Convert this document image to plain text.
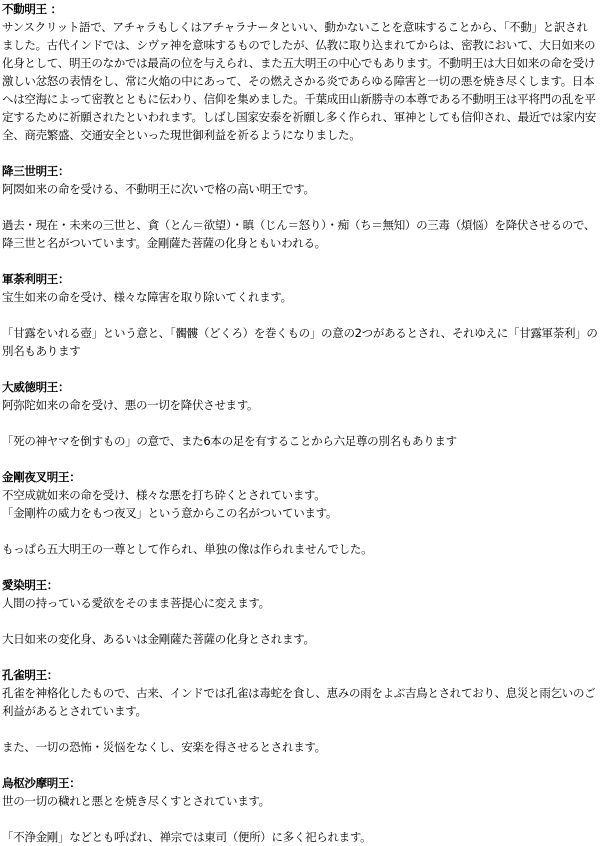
不動明王 ：

サンスクリット語で、アチャラもしくはアチャラナータといい、動かないことを意味することから、「不動」と訳されました。古代インドでは、シヴァ神を意味するものでしたが、仏教に取り込まれてからは、密教において、大日如来の化身として、明王のなかでは最高の位を与えられ、また五大明王の中心でもあります。不動明王は大日如来の命を受け激しい忿怒の表情をし、常に火焔の中にあって、その燃えさかる炎であらゆる障害と一切の悪を焼き尽くします。日本へは空海によって密教とともに伝わり、信仰を集めました。千葉成田山新勝寺の本尊である不動明王は平将門の乱を平定するために祈願されたといわれます。しばし国家安泰を祈願し多く作られ、軍神としても信仰され、最近では家内安全、商売繁盛、交通安全といった現世御利益を祈るようになりました。

降三世明王：

阿閦如来の命を受ける、不動明王に次いで格の高い明王です。

過去・現在・未来の三世と、貪（とん＝欲望）・瞋（じん＝怒り）・痴（ち＝無知）の三毒（煩悩）を降伏させるので、降三世と名がついています。金剛薩た菩薩の化身ともいわれる。

軍荼利明王：

宝生如来の命を受け、様々な障害を取り除いてくれます。

「甘露をいれる壺」という意と、「髑髏（どくろ）を巻くもの」の意の2つがあるとされ、それゆえに「甘露軍荼利」の別名もあります

大威徳明王：

阿弥陀如来の命を受け、悪の一切を降伏させます。

「死の神ヤマを倒すもの」の意で、また6本の足を有することから六足尊の別名もあります

金剛夜叉明王：

不空成就如来の命を受け、様々な悪を打ち砕くとされています。
「金剛杵の威力をもつ夜叉」という意からこの名がついています。

もっぱら五大明王の一尊として作られ、単独の像は作られませんでした。

愛染明王：

人間の持っている愛欲をそのまま菩提心に変えます。

大日如来の変化身、あるいは金剛薩た菩薩の化身とされます。

孔雀明王：

孔雀を神格化したもので、古来、インドでは孔雀は毒蛇を食し、恵みの雨をよぶ吉鳥とされており、息災と雨乞いのご利益があるとされています。

また、一切の恐怖・災悩をなくし、安楽を得させるとされます。

烏枢沙摩明王：

世の一切の穢れと悪とを焼き尽くすとされています。

「不浄金剛」などとも呼ばれ、禅宗では東司（便所）に多く祀られます。
